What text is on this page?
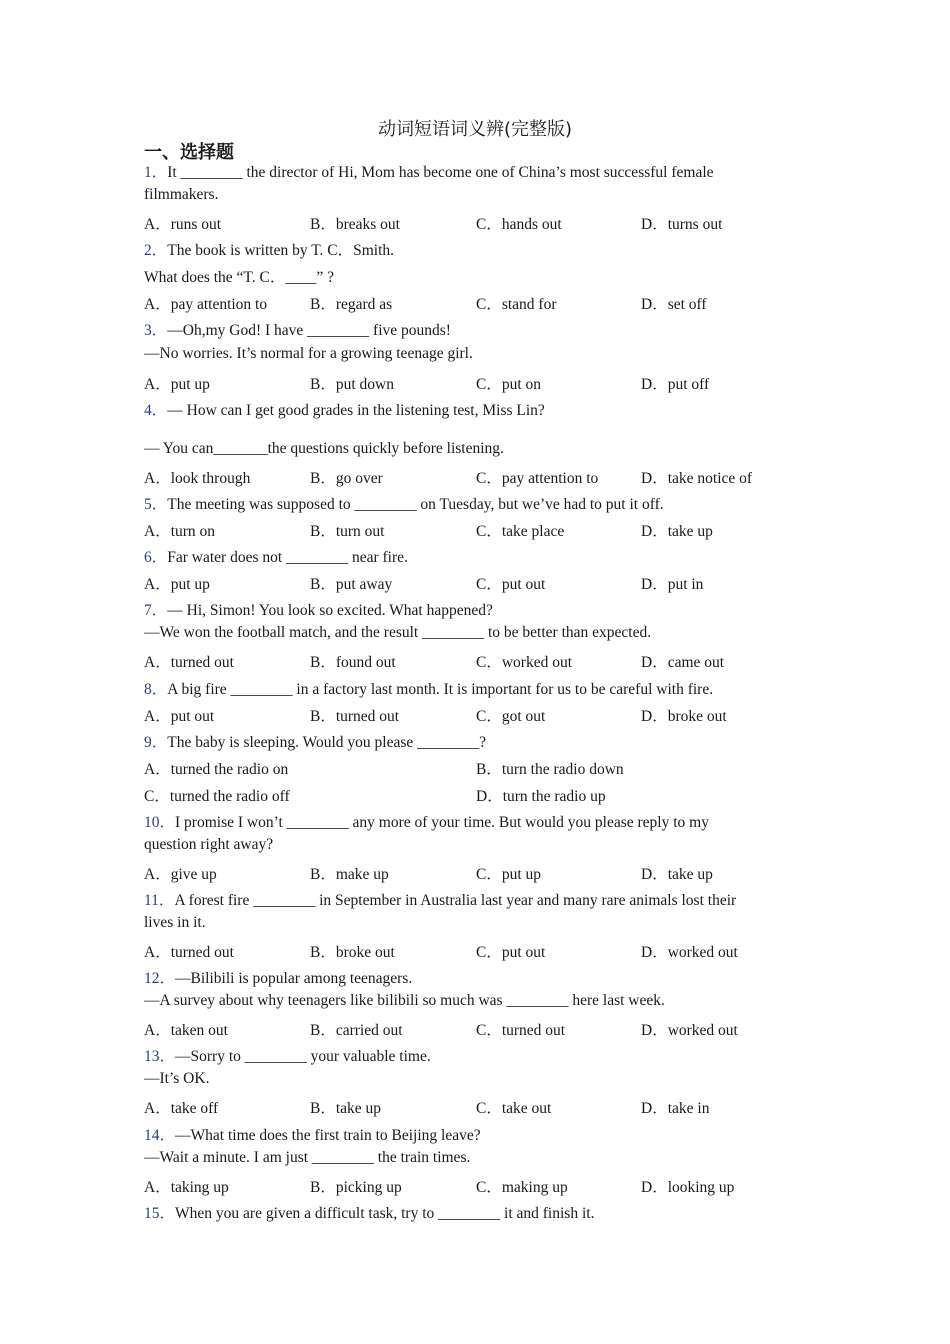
动词短语词义辨(完整版)
一、选择题
1．It ________ the director of Hi, Mom has become one of China’s most successful female
filmmakers.
A．runs out	B．breaks out	C．hands out	D．turns out
2．The book is written by T. C．Smith.
What does the “T. C．____” ?
A．pay attention to	B．regard as	C．stand for	D．set off
3．—Oh,my God! I have ________ five pounds!
—No worries. It’s normal for a growing teenage girl.
A．put up	B．put down	C．put on	D．put off
4．— How can I get good grades in the listening test, Miss Lin?
— You can_______the questions quickly before listening.
A．look through	B．go over	C．pay attention to	D．take notice of
5．The meeting was supposed to ________ on Tuesday, but we’ve had to put it off.
A．turn on	B．turn out	C．take place	D．take up
6．Far water does not ________ near fire.
A．put up	B．put away	C．put out	D．put in
7．— Hi, Simon! You look so excited. What happened?
—We won the football match, and the result ________ to be better than expected.
A．turned out	B．found out	C．worked out	D．came out
8．A big fire ________ in a factory last month. It is important for us to be careful with fire.
A．put out	B．turned out	C．got out	D．broke out
9．The baby is sleeping. Would you please ________?
A．turned the radio on	B．turn the radio down
C．turned the radio off	D．turn the radio up
10．I promise I won’t ________ any more of your time. But would you please reply to my
question right away?
A．give up	B．make up	C．put up	D．take up
11．A forest fire ________ in September in Australia last year and many rare animals lost their
lives in it.
A．turned out	B．broke out	C．put out	D．worked out
12．—Bilibili is popular among teenagers.
—A survey about why teenagers like bilibili so much was ________ here last week.
A．taken out	B．carried out	C．turned out	D．worked out
13．—Sorry to ________ your valuable time.
—It’s OK.
A．take off	B．take up	C．take out	D．take in
14．—What time does the first train to Beijing leave?
—Wait a minute. I am just ________ the train times.
A．taking up	B．picking up	C．making up	D．looking up
15．When you are given a difficult task, try to ________ it and finish it.
